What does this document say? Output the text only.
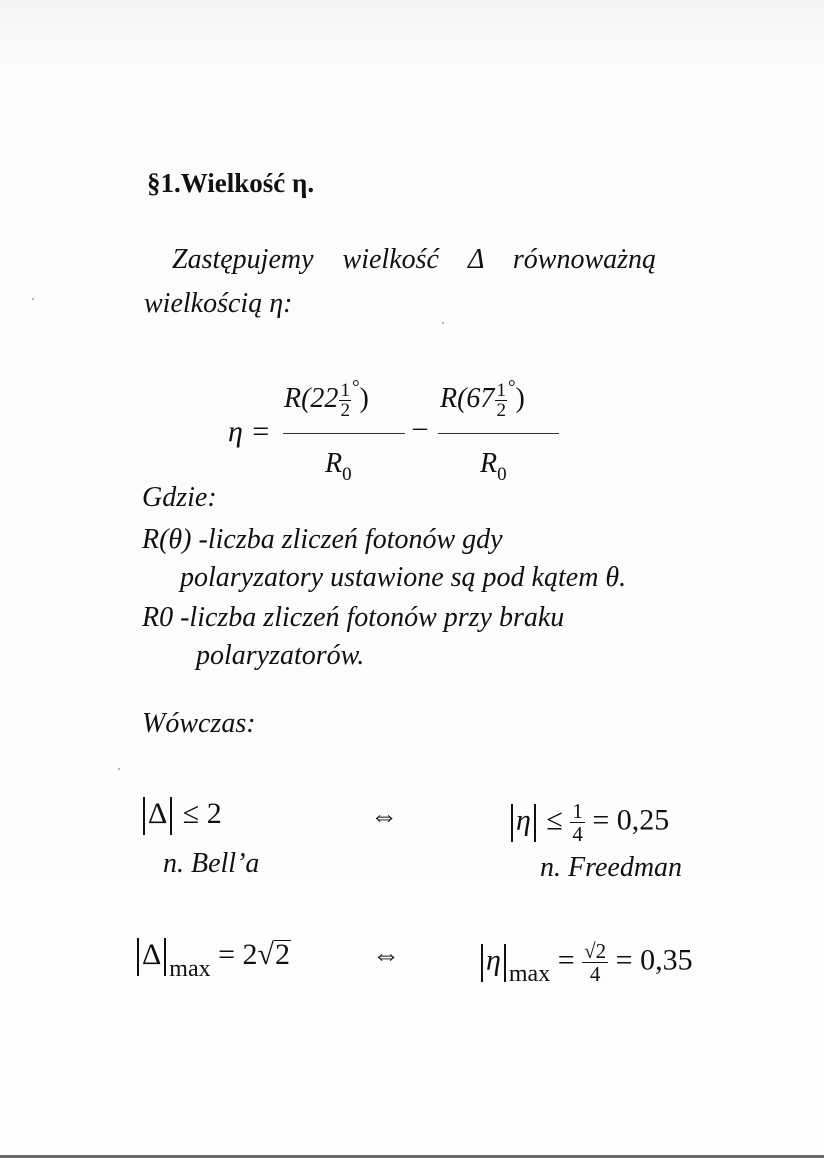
§1.Wielkość η.
Zastępujemy wielkość Δ równoważną
wielkością η:
η =
$R(22 \frac{1}{2} ^\circ)$
–
$R(67 \frac{1}{2} ^\circ)$
$R_0$	$R_0$
Gdzie:
R(θ) -liczba zliczeń fotonów gdy
polaryzatory ustawione są pod kątem θ.
R0 -liczba zliczeń fotonów przy braku
polaryzatorów.
Wówczas:
Δ ≤ 2	⇔	$\eta \le \frac{1}{4} = 0,25$
n. Bell’a	n. Freedman
Δ $_{max}$ = 2√2	⇔	η $_{max} = \frac{√2}{4} = 0,35$
